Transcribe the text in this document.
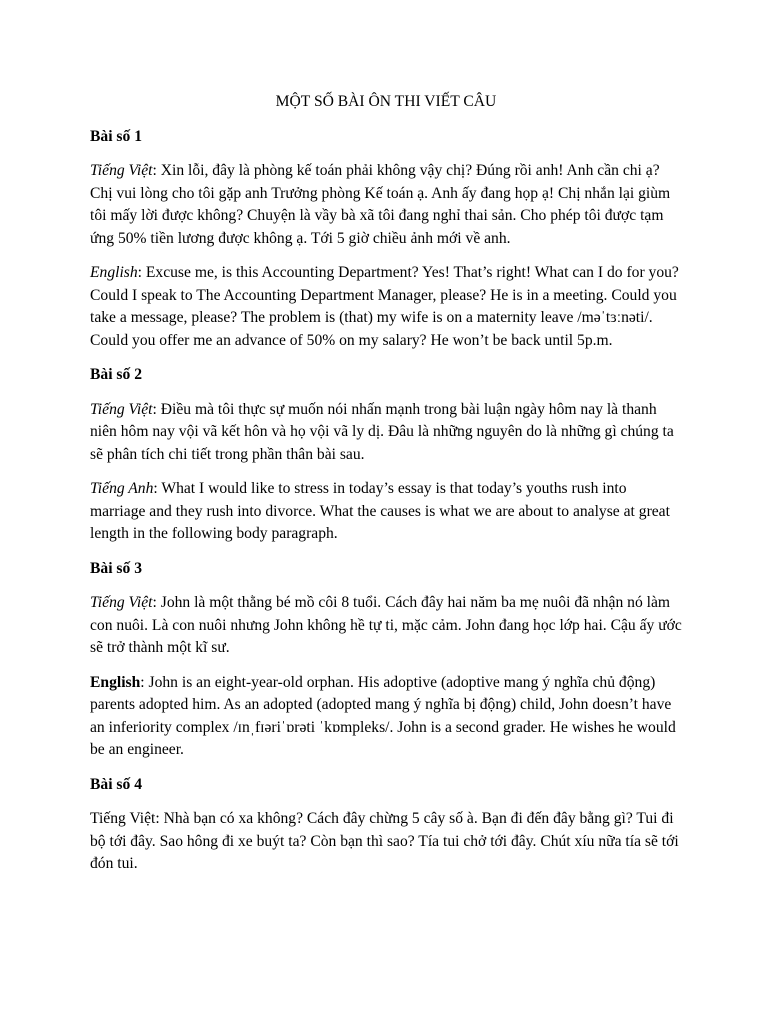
MỘT SỐ BÀI ÔN THI VIẾT CÂU
Bài số 1

Tiếng Việt: Xin lỗi, đây là phòng kế toán phải không vậy chị? Đúng rồi anh! Anh cần chi ạ? Chị vui lòng cho tôi gặp anh Trưởng phòng Kế toán ạ. Anh ấy đang họp ạ! Chị nhắn lại giùm tôi mấy lời được không? Chuyện là vầy bà xã tôi đang nghỉ thai sản. Cho phép tôi được tạm ứng 50% tiền lương được không ạ. Tới 5 giờ chiều ảnh mới về anh.

English: Excuse me, is this Accounting Department? Yes! That’s right! What can I do for you? Could I speak to The Accounting Department Manager, please? He is in a meeting. Could you take a message, please? The problem is (that) my wife is on a maternity leave /məˈtɜːnəti/. Could you offer me an advance of 50% on my salary? He won’t be back until 5p.m.

Bài số 2

Tiếng Việt: Điều mà tôi thực sự muốn nói nhấn mạnh trong bài luận ngày hôm nay là thanh niên hôm nay vội vã kết hôn và họ vội vã ly dị. Đâu là những nguyên do là những gì chúng ta sẽ phân tích chi tiết trong phần thân bài sau.

Tiếng Anh: What I would like to stress in today’s essay is that today’s youths rush into marriage and they rush into divorce. What the causes is what we are about to analyse at great length in the following body paragraph.

Bài số 3

Tiếng Việt: John là một thằng bé mồ côi 8 tuổi. Cách đây hai năm ba mẹ nuôi đã nhận nó làm con nuôi. Là con nuôi nhưng John không hề tự ti, mặc cảm. John đang học lớp hai. Cậu ấy ước sẽ trở thành một kĩ sư.

English: John is an eight-year-old orphan. His adoptive (adoptive mang ý nghĩa chủ động) parents adopted him. As an adopted (adopted mang ý nghĩa bị động) child, John doesn’t have an inferiority complex /ɪnˌfɪəriˈɒrəti ˈkɒmpleks/. John is a second grader. He wishes he would be an engineer.

Bài số 4

Tiếng Việt: Nhà bạn có xa không? Cách đây chừng 5 cây số à. Bạn đi đến đây bằng gì? Tui đi bộ tới đây. Sao hông đi xe buýt ta? Còn bạn thì sao? Tía tui chở tới đây. Chút xíu nữa tía sẽ tới đón tui.
